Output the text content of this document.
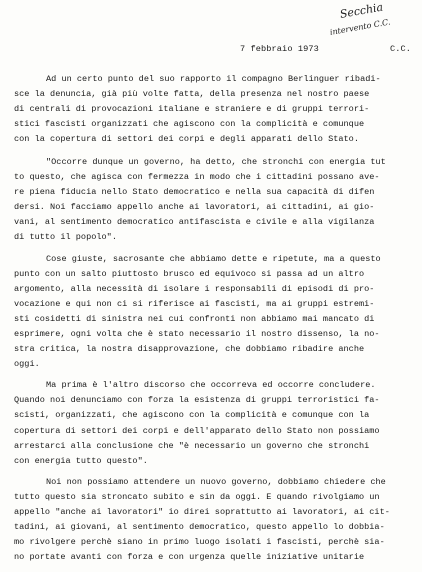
Secchia
intervento C.C.
7 febbraio 1973	C.C.
Ad un certo punto del suo rapporto il compagno Berlinguer ribadi-
sce la denuncia, già più volte fatta, della presenza nel nostro paese
di centrali di provocazioni italiane e straniere e di gruppi terrori-
stici fascisti organizzati che agiscono con la complicità e comunque
con la copertura di settori dei corpi e degli apparati dello Stato.
"Occorre dunque un governo, ha detto, che stronchi con energia tut
to questo, che agisca con fermezza in modo che i cittadini possano ave-
re piena fiducia nello Stato democratico e nella sua capacità di difen
dersi. Noi facciamo appello anche ai lavoratori, ai cittadini, ai gio-
vani, al sentimento democratico antifascista e civile e alla vigilanza
di tutto il popolo".
Cose giuste, sacrosante che abbiamo dette e ripetute, ma a questo
punto con un salto piuttosto brusco ed equivoco si passa ad un altro
argomento, alla necessità di isolare i responsabili di episodi di pro-
vocazione e qui non ci si riferisce ai fascisti, ma ai gruppi estremi-
sti cosidetti di sinistra nei cui confronti non abbiamo mai mancato di
esprimere, ogni volta che è stato necessario il nostro dissenso, la no-
stra critica, la nostra disapprovazione, che dobbiamo ribadire anche
oggi.
Ma prima è l'altro discorso che occorreva ed occorre concludere.
Quando noi denunciamo con forza la esistenza di gruppi terroristici fa-
scisti, organizzati, che agiscono con la complicità e comunque con la
copertura di settori dei corpi e dell'apparato dello Stato non possiamo
arrestarci alla conclusione che "è necessario un governo che stronchi
con energia tutto questo".
Noi non possiamo attendere un nuovo governo, dobbiamo chiedere che
tutto questo sia stroncato subito e sin da oggi. E quando rivolgiamo un
appello "anche ai lavoratori" io direi soprattutto ai lavoratori, ai cit-
tadini, ai giovani, al sentimento democratico, questo appello lo dobbia-
mo rivolgere perchè siano in primo luogo isolati i fascisti, perchè sia-
no portate avanti con forza e con urgenza quelle iniziative unitarie
